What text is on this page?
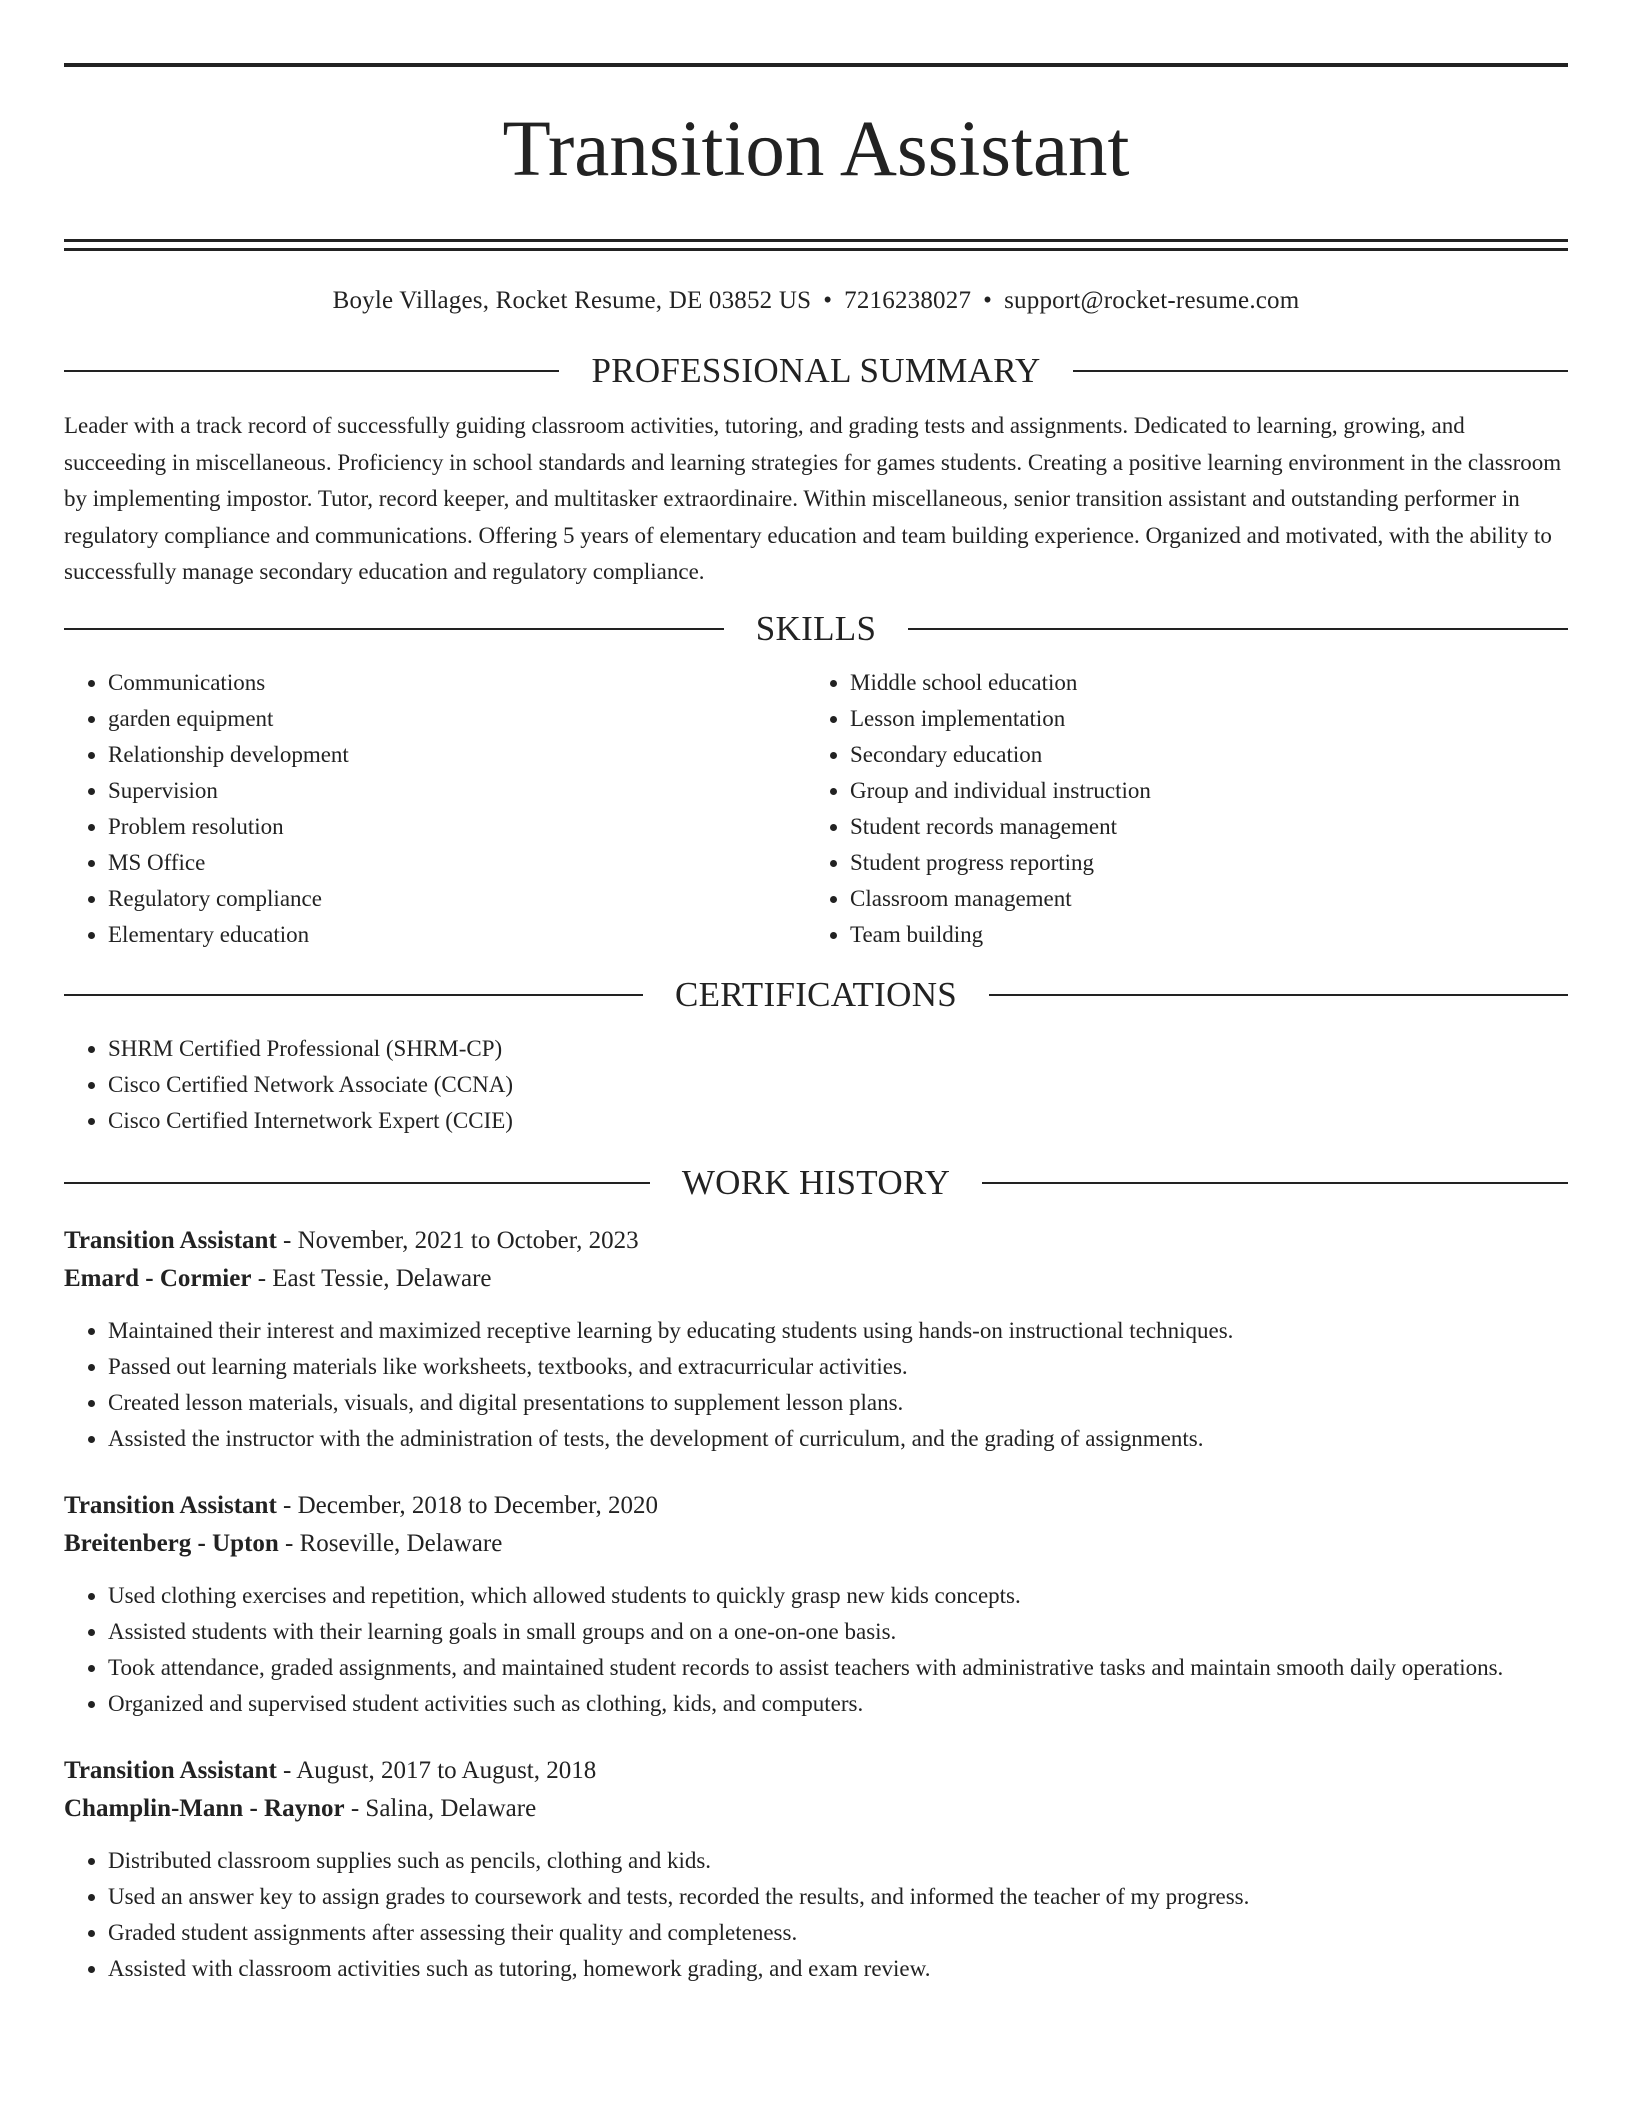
Transition Assistant
Boyle Villages, Rocket Resume, DE 03852 US • 7216238027 • support@rocket-resume.com
PROFESSIONAL SUMMARY

Leader with a track record of successfully guiding classroom activities, tutoring, and grading tests and assignments. Dedicated to learning, growing, and succeeding in miscellaneous. Proficiency in school standards and learning strategies for games students. Creating a positive learning environment in the classroom by implementing impostor. Tutor, record keeper, and multitasker extraordinaire. Within miscellaneous, senior transition assistant and outstanding performer in regulatory compliance and communications. Offering 5 years of elementary education and team building experience. Organized and motivated, with the ability to successfully manage secondary education and regulatory compliance.

SKILLS
• Communications
• garden equipment
• Relationship development
• Supervision
• Problem resolution
• MS Office
• Regulatory compliance
• Elementary education
• Middle school education
• Lesson implementation
• Secondary education
• Group and individual instruction
• Student records management
• Student progress reporting
• Classroom management
• Team building
CERTIFICATIONS
• SHRM Certified Professional (SHRM-CP)
• Cisco Certified Network Associate (CCNA)
• Cisco Certified Internetwork Expert (CCIE)
WORK HISTORY
Transition Assistant - November, 2021 to October, 2023
Emard - Cormier - East Tessie, Delaware
• Maintained their interest and maximized receptive learning by educating students using hands-on instructional techniques.
• Passed out learning materials like worksheets, textbooks, and extracurricular activities.
• Created lesson materials, visuals, and digital presentations to supplement lesson plans.
• Assisted the instructor with the administration of tests, the development of curriculum, and the grading of assignments.
Transition Assistant - December, 2018 to December, 2020
Breitenberg - Upton - Roseville, Delaware
• Used clothing exercises and repetition, which allowed students to quickly grasp new kids concepts.
• Assisted students with their learning goals in small groups and on a one-on-one basis.
• Took attendance, graded assignments, and maintained student records to assist teachers with administrative tasks and maintain smooth daily operations.
• Organized and supervised student activities such as clothing, kids, and computers.
Transition Assistant - August, 2017 to August, 2018
Champlin-Mann - Raynor - Salina, Delaware
• Distributed classroom supplies such as pencils, clothing and kids.
• Used an answer key to assign grades to coursework and tests, recorded the results, and informed the teacher of my progress.
• Graded student assignments after assessing their quality and completeness.
• Assisted with classroom activities such as tutoring, homework grading, and exam review.
